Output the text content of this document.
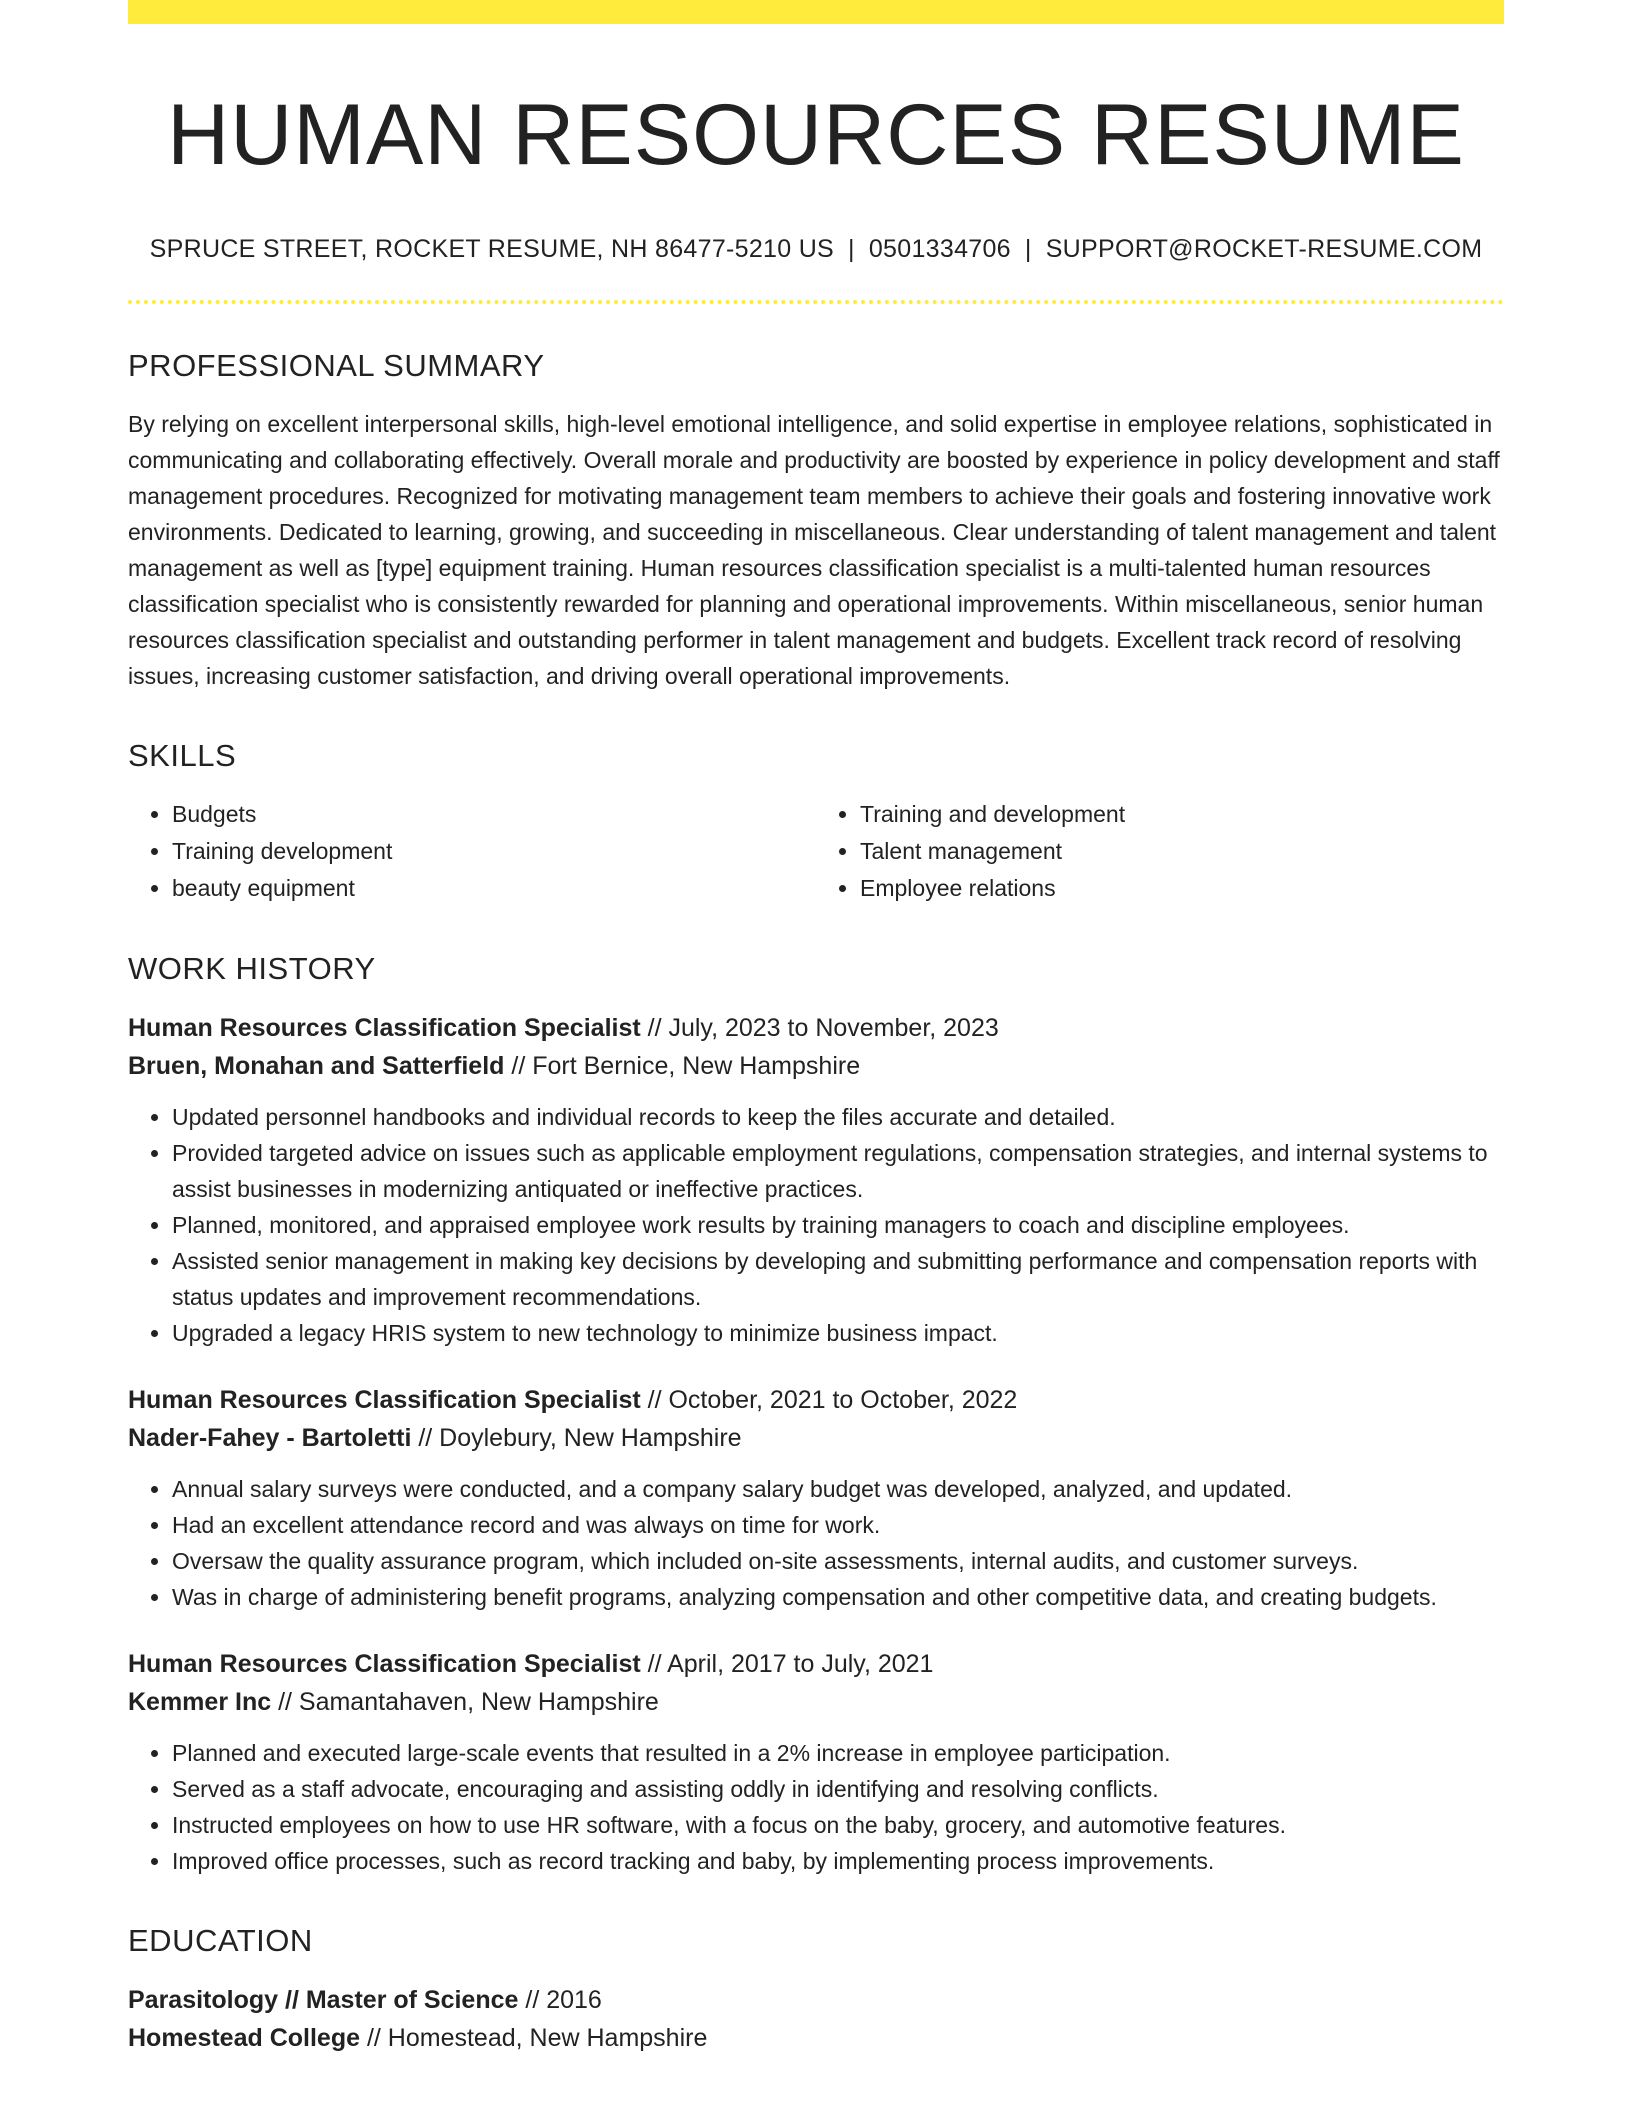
HUMAN RESOURCES RESUME
SPRUCE STREET, ROCKET RESUME, NH 86477-5210 US | 0501334706 | SUPPORT@ROCKET-RESUME.COM
PROFESSIONAL SUMMARY

By relying on excellent interpersonal skills, high-level emotional intelligence, and solid expertise in employee relations, sophisticated in communicating and collaborating effectively. Overall morale and productivity are boosted by experience in policy development and staff management procedures. Recognized for motivating management team members to achieve their goals and fostering innovative work environments. Dedicated to learning, growing, and succeeding in miscellaneous. Clear understanding of talent management and talent management as well as [type] equipment training. Human resources classification specialist is a multi-talented human resources classification specialist who is consistently rewarded for planning and operational improvements. Within miscellaneous, senior human resources classification specialist and outstanding performer in talent management and budgets. Excellent track record of resolving issues, increasing customer satisfaction, and driving overall operational improvements.

SKILLS
• Budgets
• Training development
• beauty equipment
• Training and development
• Talent management
• Employee relations
WORK HISTORY
Human Resources Classification Specialist // July, 2023 to November, 2023
Bruen, Monahan and Satterfield // Fort Bernice, New Hampshire
• Updated personnel handbooks and individual records to keep the files accurate and detailed.
• Provided targeted advice on issues such as applicable employment regulations, compensation strategies, and internal systems to assist businesses in modernizing antiquated or ineffective practices.
• Planned, monitored, and appraised employee work results by training managers to coach and discipline employees.
• Assisted senior management in making key decisions by developing and submitting performance and compensation reports with status updates and improvement recommendations.
• Upgraded a legacy HRIS system to new technology to minimize business impact.
Human Resources Classification Specialist // October, 2021 to October, 2022
Nader-Fahey - Bartoletti // Doylebury, New Hampshire
• Annual salary surveys were conducted, and a company salary budget was developed, analyzed, and updated.
• Had an excellent attendance record and was always on time for work.
• Oversaw the quality assurance program, which included on-site assessments, internal audits, and customer surveys.
• Was in charge of administering benefit programs, analyzing compensation and other competitive data, and creating budgets.
Human Resources Classification Specialist // April, 2017 to July, 2021
Kemmer Inc // Samantahaven, New Hampshire
• Planned and executed large-scale events that resulted in a 2% increase in employee participation.
• Served as a staff advocate, encouraging and assisting oddly in identifying and resolving conflicts.
• Instructed employees on how to use HR software, with a focus on the baby, grocery, and automotive features.
• Improved office processes, such as record tracking and baby, by implementing process improvements.
EDUCATION
Parasitology // Master of Science // 2016
Homestead College // Homestead, New Hampshire
